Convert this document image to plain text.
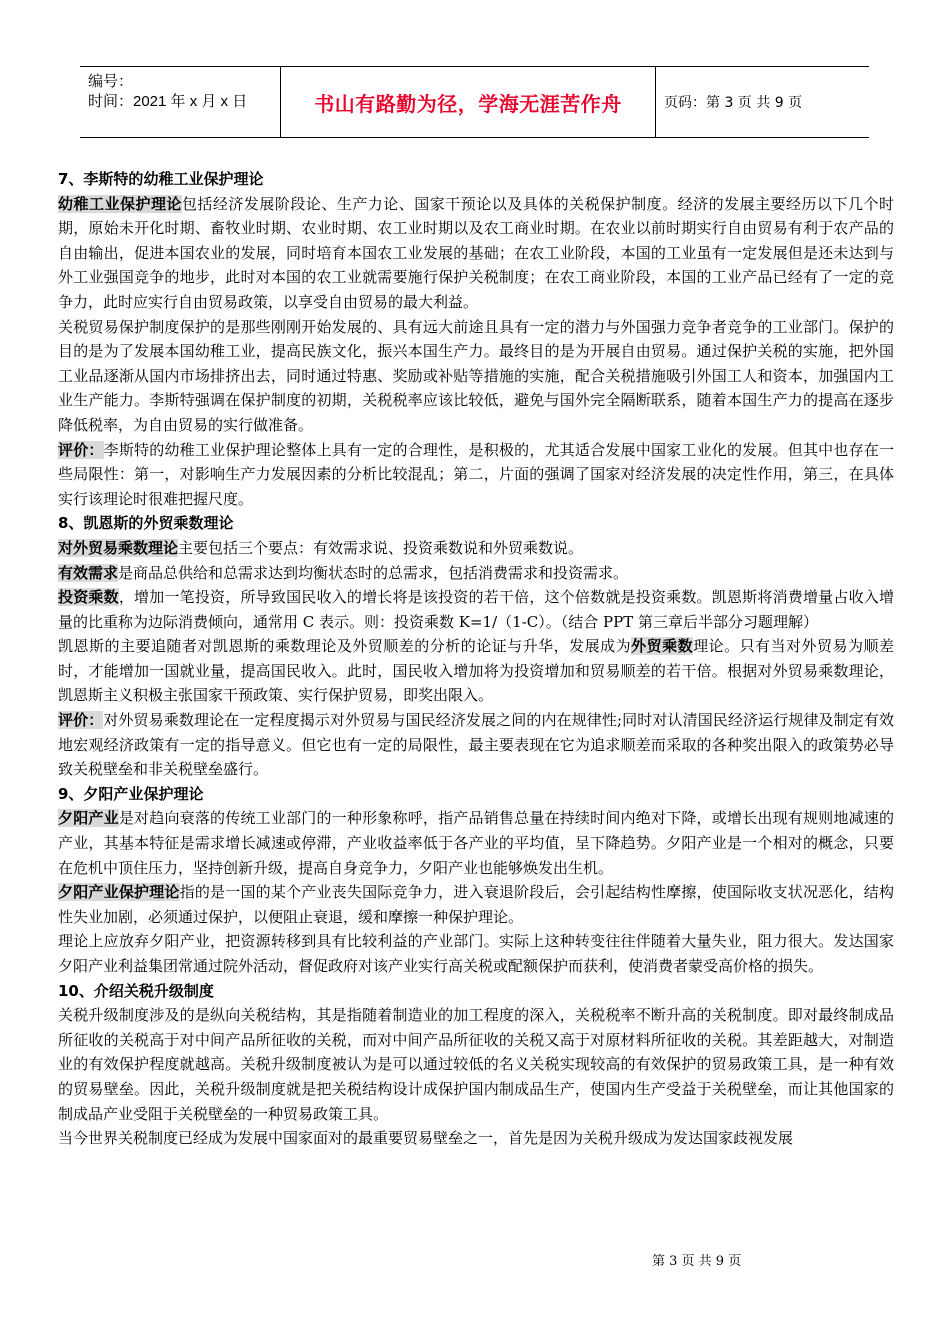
编号：
时间：2021 年 x 月 x 日	书山有路勤为径，学海无涯苦作舟	页码：第 3 页 共 9 页

7、李斯特的幼稚工业保护理论

幼稚工业保护理论包括经济发展阶段论、生产力论、国家干预论以及具体的关税保护制度。经济的发展主要经历以下几个时期，原始未开化时期、畜牧业时期、农业时期、农工业时期以及农工商业时期。在农业以前时期实行自由贸易有利于农产品的自由输出，促进本国农业的发展，同时培育本国农工业发展的基础；在农工业阶段，本国的工业虽有一定发展但是还未达到与外工业强国竞争的地步，此时对本国的农工业就需要施行保护关税制度；在农工商业阶段，本国的工业产品已经有了一定的竞争力，此时应实行自由贸易政策，以享受自由贸易的最大利益。

关税贸易保护制度保护的是那些刚刚开始发展的、具有远大前途且具有一定的潜力与外国强力竞争者竞争的工业部门。保护的目的是为了发展本国幼稚工业，提高民族文化，振兴本国生产力。最终目的是为开展自由贸易。通过保护关税的实施，把外国工业品逐渐从国内市场排挤出去，同时通过特惠、奖励或补贴等措施的实施，配合关税措施吸引外国工人和资本，加强国内工业生产能力。李斯特强调在保护制度的初期，关税税率应该比较低，避免与国外完全隔断联系，随着本国生产力的提高在逐步降低税率，为自由贸易的实行做准备。

评价：李斯特的幼稚工业保护理论整体上具有一定的合理性，是积极的，尤其适合发展中国家工业化的发展。但其中也存在一些局限性：第一，对影响生产力发展因素的分析比较混乱；第二，片面的强调了国家对经济发展的决定性作用，第三，在具体实行该理论时很难把握尺度。

8、凯恩斯的外贸乘数理论

对外贸易乘数理论主要包括三个要点：有效需求说、投资乘数说和外贸乘数说。

有效需求是商品总供给和总需求达到均衡状态时的总需求，包括消费需求和投资需求。

投资乘数，增加一笔投资，所导致国民收入的增长将是该投资的若干倍，这个倍数就是投资乘数。凯恩斯将消费增量占收入增量的比重称为边际消费倾向，通常用 C 表示。则：投资乘数 K=1/（1-C）。（结合 PPT 第三章后半部分习题理解）

凯恩斯的主要追随者对凯恩斯的乘数理论及外贸顺差的分析的论证与升华，发展成为外贸乘数理论。只有当对外贸易为顺差时，才能增加一国就业量，提高国民收入。此时，国民收入增加将为投资增加和贸易顺差的若干倍。根据对外贸易乘数理论，凯恩斯主义积极主张国家干预政策、实行保护贸易，即奖出限入。

评价：对外贸易乘数理论在一定程度揭示对外贸易与国民经济发展之间的内在规律性;同时对认清国民经济运行规律及制定有效地宏观经济政策有一定的指导意义。但它也有一定的局限性，最主要表现在它为追求顺差而采取的各种奖出限入的政策势必导致关税壁垒和非关税壁垒盛行。

9、夕阳产业保护理论

夕阳产业是对趋向衰落的传统工业部门的一种形象称呼，指产品销售总量在持续时间内绝对下降，或增长出现有规则地减速的产业，其基本特征是需求增长减速或停滞，产业收益率低于各产业的平均值，呈下降趋势。夕阳产业是一个相对的概念，只要在危机中顶住压力，坚持创新升级，提高自身竞争力，夕阳产业也能够焕发出生机。

夕阳产业保护理论指的是一国的某个产业丧失国际竞争力，进入衰退阶段后，会引起结构性摩擦，使国际收支状况恶化，结构性失业加剧，必须通过保护，以便阻止衰退，缓和摩擦一种保护理论。

理论上应放弃夕阳产业，把资源转移到具有比较利益的产业部门。实际上这种转变往往伴随着大量失业，阻力很大。发达国家夕阳产业利益集团常通过院外活动，督促政府对该产业实行高关税或配额保护而获利，使消费者蒙受高价格的损失。

10、介绍关税升级制度

关税升级制度涉及的是纵向关税结构，其是指随着制造业的加工程度的深入，关税税率不断升高的关税制度。即对最终制成品所征收的关税高于对中间产品所征收的关税，而对中间产品所征收的关税又高于对原材料所征收的关税。其差距越大，对制造业的有效保护程度就越高。关税升级制度被认为是可以通过较低的名义关税实现较高的有效保护的贸易政策工具，是一种有效的贸易壁垒。因此，关税升级制度就是把关税结构设计成保护国内制成品生产，使国内生产受益于关税壁垒，而让其他国家的制成品产业受阻于关税壁垒的一种贸易政策工具。

当今世界关税制度已经成为发展中国家面对的最重要贸易壁垒之一，首先是因为关税升级成为发达国家歧视发展

第 3 页 共 9 页
